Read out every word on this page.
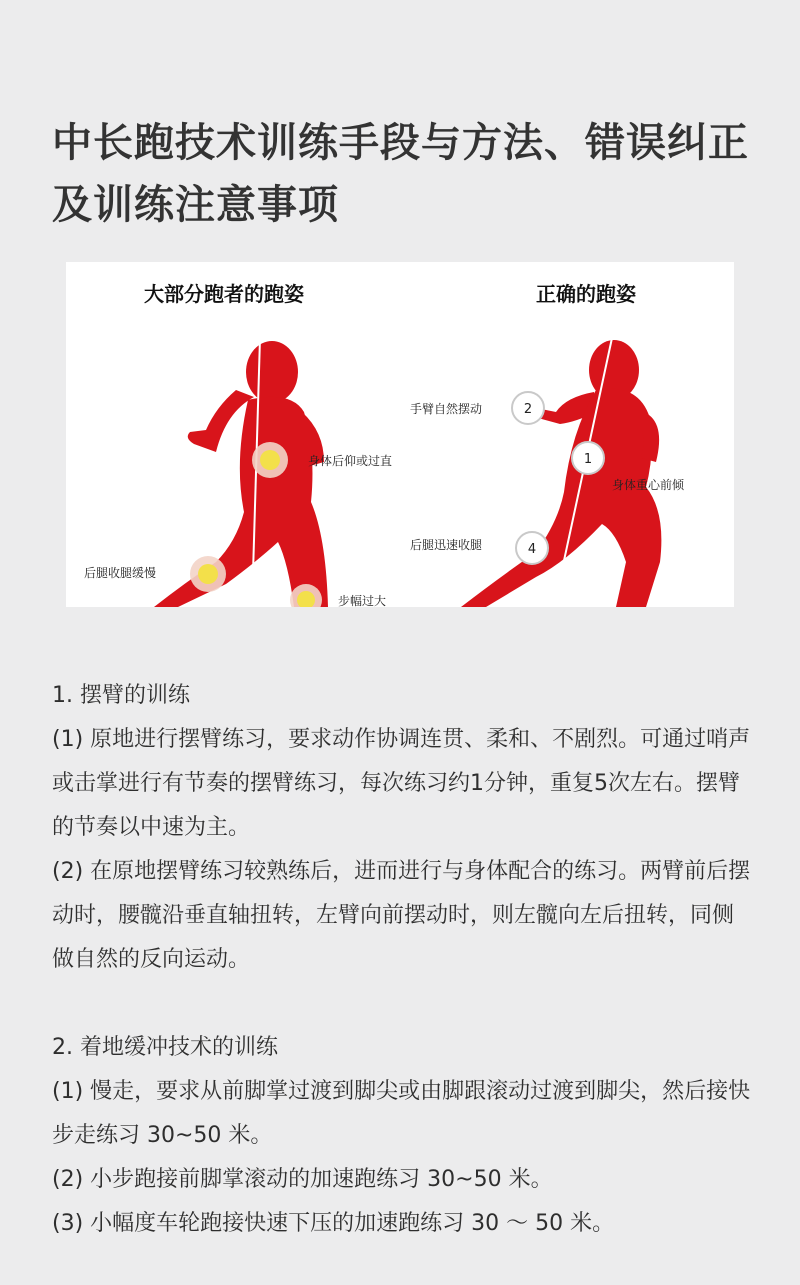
中长跑技术训练手段与方法、错误纠正及训练注意事项
2
1
4
大部分跑者的跑姿	正确的跑姿
身体后仰或过直
后腿收腿缓慢
步幅过大
手臂自然摆动
身体重心前倾
后腿迅速收腿

1. 摆臂的训练

(1) 原地进行摆臂练习，要求动作协调连贯、柔和、不剧烈。可通过哨声或击掌进行有节奏的摆臂练习，每次练习约1分钟，重复5次左右。摆臂的节奏以中速为主。

(2) 在原地摆臂练习较熟练后，进而进行与身体配合的练习。两臂前后摆动时，腰髋沿垂直轴扭转，左臂向前摆动时，则左髋向左后扭转，同侧做自然的反向运动。

2. 着地缓冲技术的训练

(1) 慢走，要求从前脚掌过渡到脚尖或由脚跟滚动过渡到脚尖，然后接快步走练习 30~50 米。

(2) 小步跑接前脚掌滚动的加速跑练习 30~50 米。

(3) 小幅度车轮跑接快速下压的加速跑练习 30 ～ 50 米。
